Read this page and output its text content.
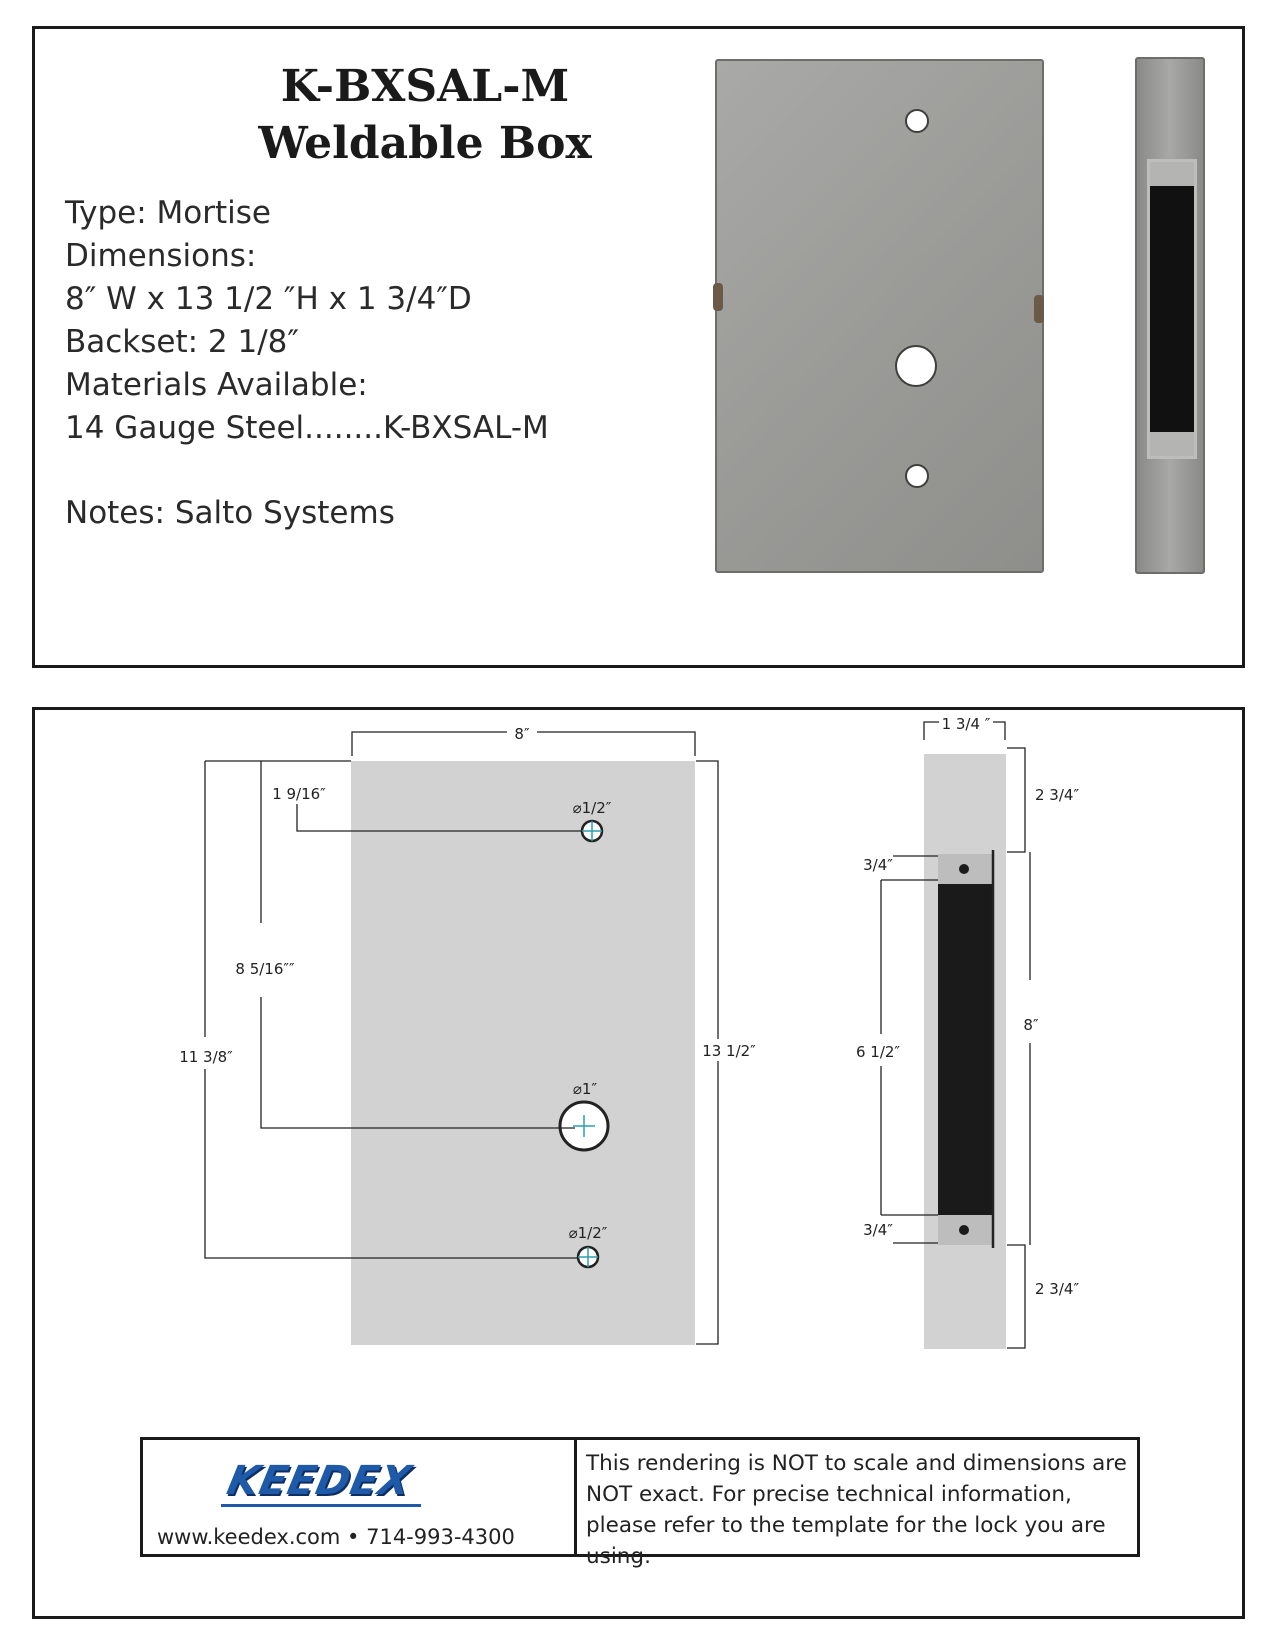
K-BXSAL-M
Weldable Box
Type: Mortise
Dimensions:
8″ W x 13 1/2 ″H x 1 3/4″D
Backset: 2 1/8″
Materials Available:
14 Gauge Steel........K-BXSAL-M
Notes: Salto Systems
8″
13 1/2″
⌀1/2″
⌀1″
⌀1/2″
1 9/16″
8 5/16″″
11 3/8″
1 3/4 ″
2 3/4″
8″
2 3/4″
3/4″
6 1/2″
3/4″
KEEDEX
www.keedex.com • 714-993-4300
This rendering is NOT to scale and dimensions are NOT exact. For precise technical information, please refer to the template for the lock you are using.
